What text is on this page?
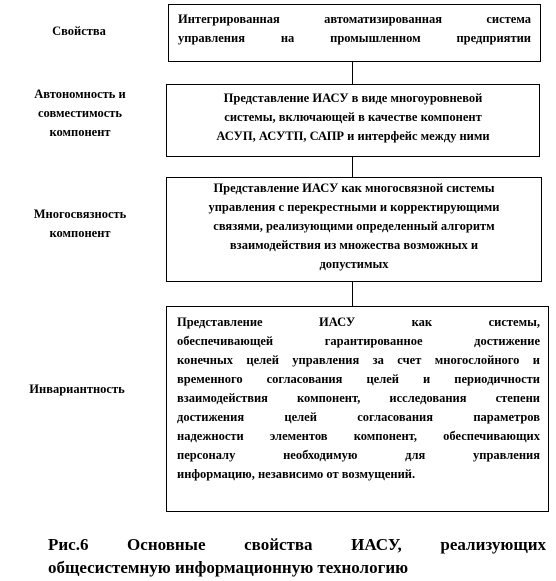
Свойства
Автономность и
совместимость
компонент
Многосвязность
компонент
Инвариантность
Интегрированная автоматизированная система
управления на промышленном предприятии
Представление ИАСУ в виде многоуровневой
системы, включающей в качестве компонент
АСУП, АСУТП, САПР и интерфейс между ними
Представление ИАСУ как многосвязной системы
управления с перекрестными и корректирующими
связями, реализующими определенный алгоритм
взаимодействия из множества возможных и
допустимых
Представление ИАСУ как системы,
обеспечивающей гарантированное достижение
конечных целей управления за счет многослойного и
временного согласования целей и периодичности
взаимодействия компонент, исследования степени
достижения целей согласования параметров
надежности элементов компонент, обеспечивающих
персоналу необходимую для управления
информацию, независимо от возмущений.
Рис.6 Основные свойства ИАСУ, реализующих
общесистемную информационную технологию
